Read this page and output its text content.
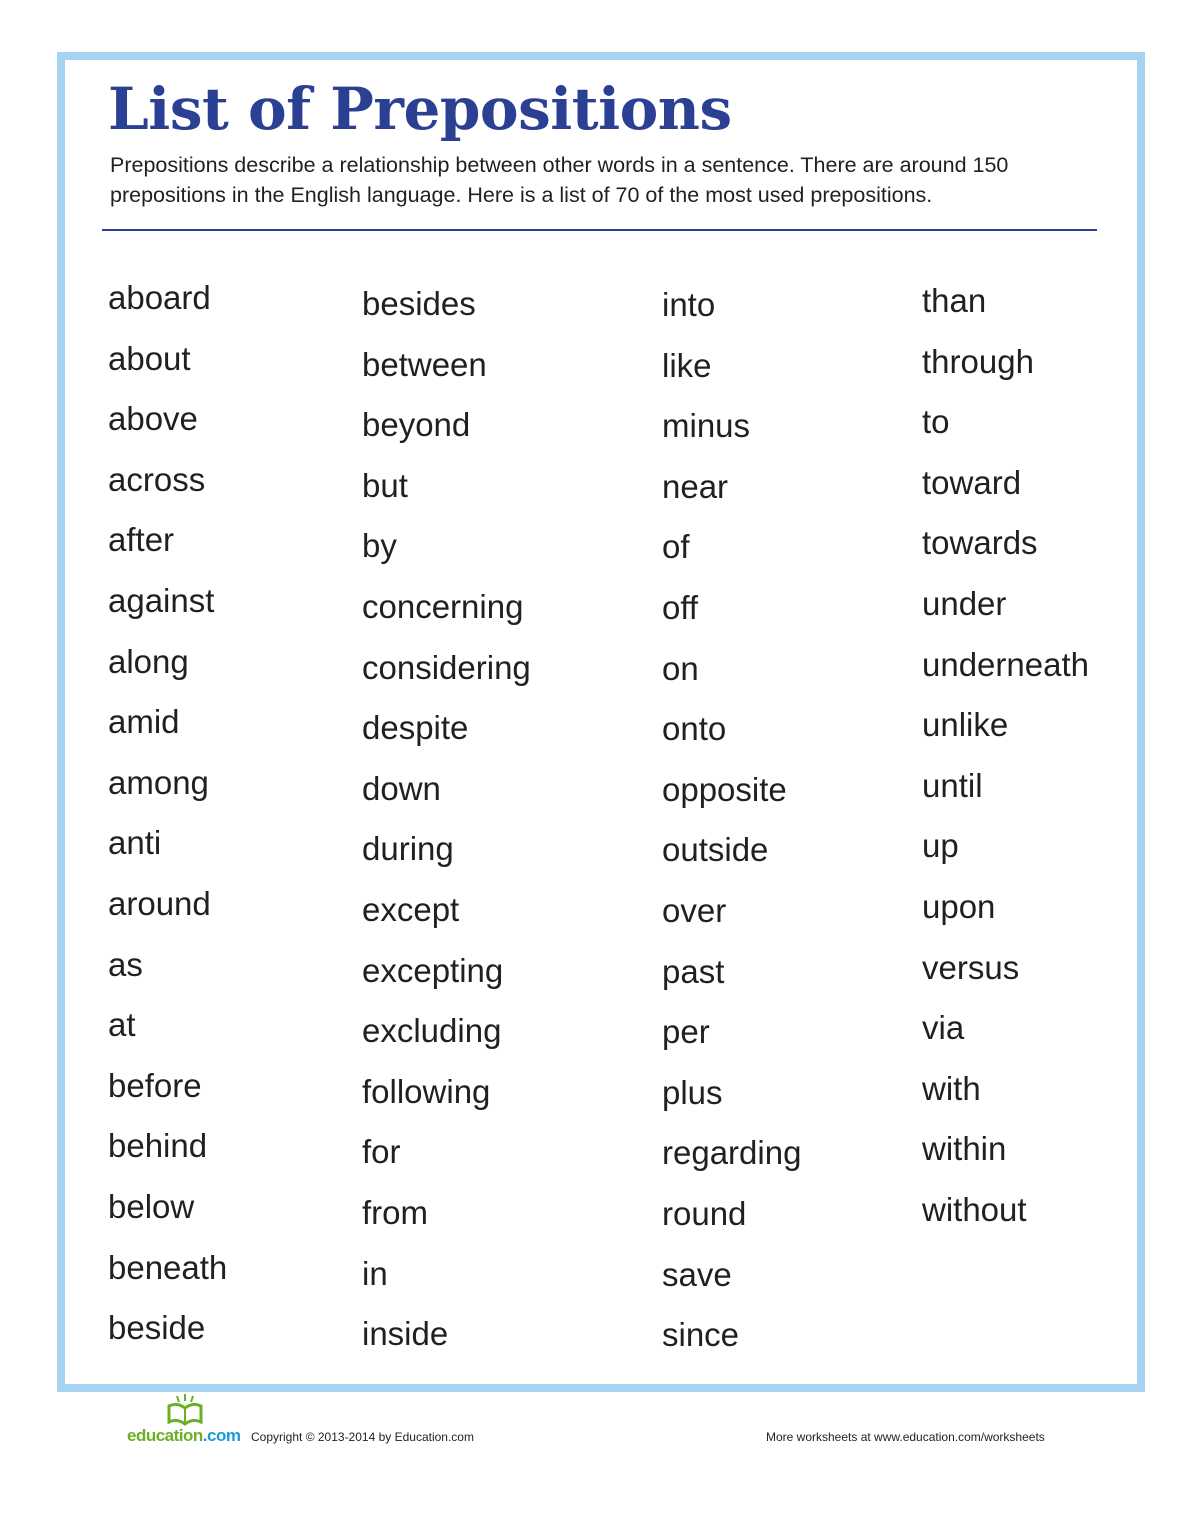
List of Prepositions

Prepositions describe a relationship between other words in a sentence. There are around 150 prepositions in the English language. Here is a list of 70 of the most used prepositions.

aboard
about
above
across
after
against
along
amid
among
anti
around
as
at
before
behind
below
beneath
beside
besides
between
beyond
but
by
concerning
considering
despite
down
during
except
excepting
excluding
following
for
from
in
inside
into
like
minus
near
of
off
on
onto
opposite
outside
over
past
per
plus
regarding
round
save
since
than
through
to
toward
towards
under
underneath
unlike
until
up
upon
versus
via
with
within
without
education.com Copyright © 2013-2014 by Education.com	More worksheets at www.education.com/worksheets
